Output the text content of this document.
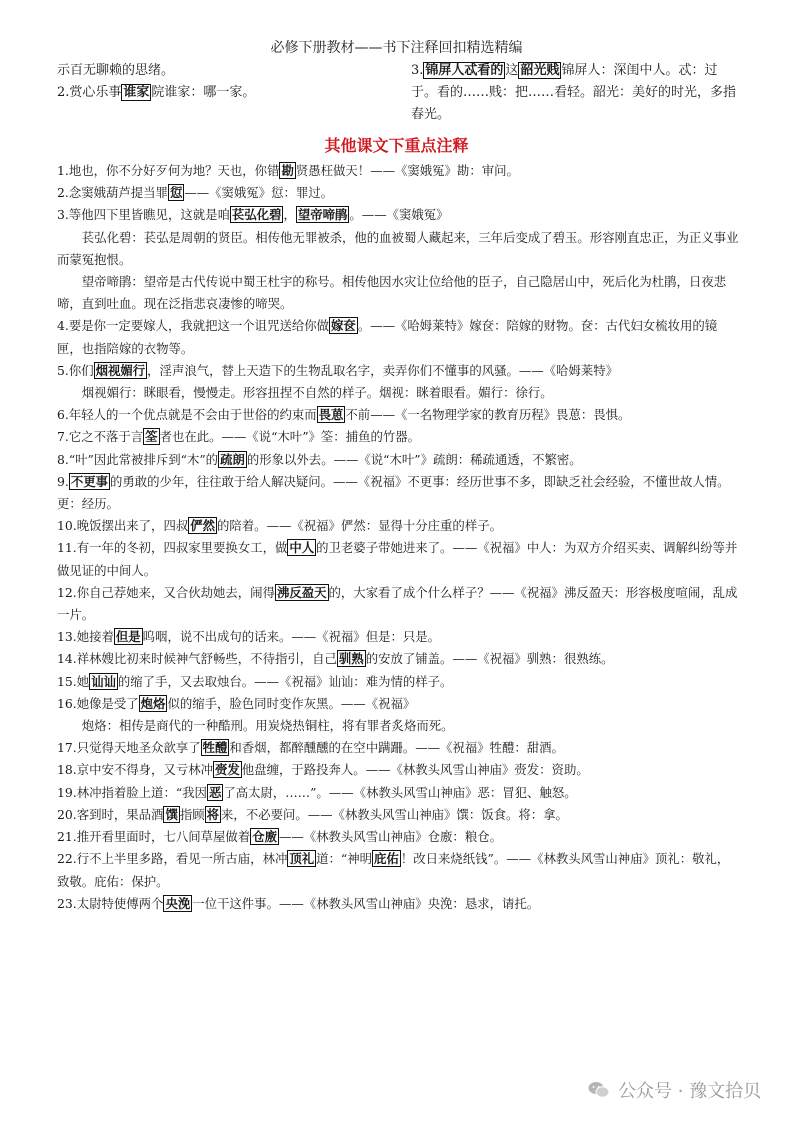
必修下册教材——书下注释回扣精选精编

示百无聊赖的思绪。

2.赏心乐事 谁家 院谁家：哪一家。

3. 锦屏人忒看的 这 韶光贱 锦屏人：深闺中人。忒：过于。看的……贱：把……看轻。韶光：美好的时光，多指春光。

其他课文下重点注释

1.地也，你不分好歹何为地？天也，你错 勘 贤愚枉做天！——《窦娥冤》勘：审问。

2.念窦娥葫芦提当罪 愆 ——《窦娥冤》愆：罪过。

3.等他四下里皆瞧见，这就是咱 苌弘化碧 ， 望帝啼鹃 。——《窦娥冤》

苌弘化碧：苌弘是周朝的贤臣。相传他无罪被杀，他的血被蜀人藏起来，三年后变成了碧玉。形容刚直忠正，为正义事业而蒙冤抱恨。

望帝啼鹃：望帝是古代传说中蜀王杜宇的称号。相传他因水灾让位给他的臣子，自己隐居山中，死后化为杜鹃，日夜悲啼，直到吐血。现在泛指悲哀凄惨的啼哭。

4.要是你一定要嫁人，我就把这一个诅咒送给你做 嫁奁 。——《哈姆莱特》嫁奁：陪嫁的财物。奁：古代妇女梳妆用的镜匣，也指陪嫁的衣物等。

5.你们 烟视媚行 ，淫声浪气，替上天造下的生物乱取名字，卖弄你们不懂事的风骚。——《哈姆莱特》

烟视媚行：眯眼看，慢慢走。形容扭捏不自然的样子。烟视：眯着眼看。媚行：徐行。

6.年轻人的一个优点就是不会由于世俗的约束而 畏葸 不前——《一名物理学家的教育历程》畏葸：畏惧。

7.它之不落于言 筌 者也在此。——《说“木叶”》筌：捕鱼的竹器。

8.“叶”因此常被排斥到“木”的 疏朗 的形象以外去。——《说“木叶”》疏朗：稀疏通透，不繁密。

9. 不更事 的勇敢的少年，往往敢于给人解决疑问。——《祝福》不更事：经历世事不多，即缺乏社会经验，不懂世故人情。更：经历。

10.晚饭摆出来了，四叔 俨然 的陪着。——《祝福》俨然：显得十分庄重的样子。

11.有一年的冬初，四叔家里要换女工，做 中人 的卫老婆子带她进来了。——《祝福》中人：为双方介绍买卖、调解纠纷等并做见证的中间人。

12.你自己荐她来，又合伙劫她去，闹得 沸反盈天 的，大家看了成个什么样子？——《祝福》沸反盈天：形容极度喧闹，乱成一片。

13.她接着 但是 呜咽，说不出成句的话来。——《祝福》但是：只是。

14.祥林嫂比初来时候神气舒畅些，不待指引，自己 驯熟 的安放了铺盖。——《祝福》驯熟：很熟练。

15.她 讪讪 的缩了手，又去取烛台。——《祝福》讪讪：难为情的样子。

16.她像是受了 炮烙 似的缩手，脸色同时变作灰黑。——《祝福》

炮烙：相传是商代的一种酷刑。用炭烧热铜柱，将有罪者炙烙而死。

17.只觉得天地圣众歆享了 牲醴 和香烟，都醉醺醺的在空中蹒跚。——《祝福》牲醴：甜酒。

18.京中安不得身，又亏林冲 赍发 他盘缠，于路投奔人。——《林教头风雪山神庙》赍发：资助。

19.林冲指着脸上道：“我因 恶 了高太尉，……”。——《林教头风雪山神庙》恶：冒犯、触怒。

20.客到时，果品酒 馔 指顾 将 来，不必要问。——《林教头风雪山神庙》馔：饭食。将：拿。

21.推开看里面时，七八间草屋做着 仓廒 ——《林教头风雪山神庙》仓廒：粮仓。

22.行不上半里多路，看见一所古庙，林冲 顶礼 道：“神明 庇佑 ！改日来烧纸钱”。——《林教头风雪山神庙》顶礼：敬礼，致敬。庇佑：保护。

23.太尉特使傅两个 央浼 一位干这件事。——《林教头风雪山神庙》央浼：恳求，请托。

公众号 · 豫文拾贝
